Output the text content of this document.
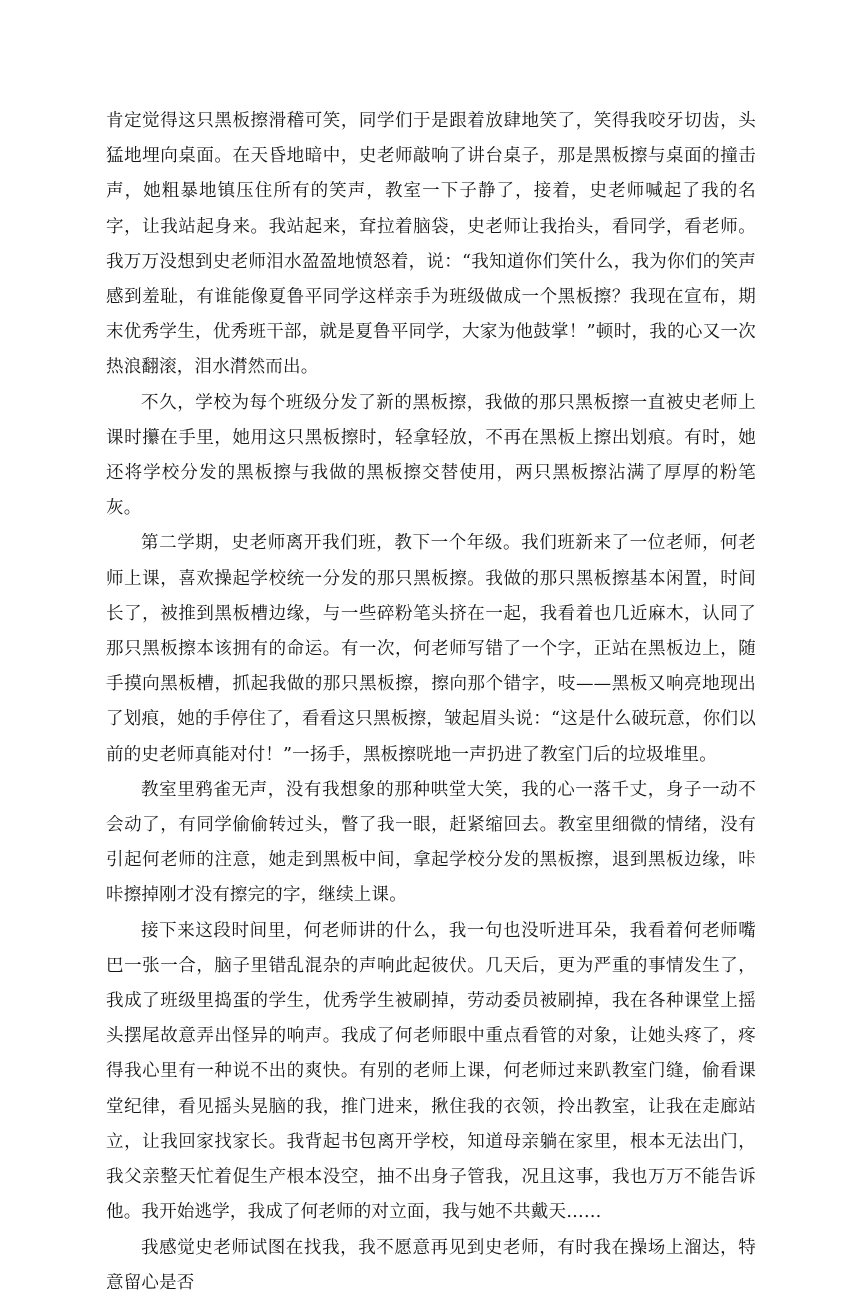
肯定觉得这只黑板擦滑稽可笑，同学们于是跟着放肆地笑了，笑得我咬牙切齿，头猛地埋向桌面。在天昏地暗中，史老师敲响了讲台桌子，那是黑板擦与桌面的撞击声，她粗暴地镇压住所有的笑声，教室一下子静了，接着，史老师喊起了我的名字，让我站起身来。我站起来，耷拉着脑袋，史老师让我抬头，看同学，看老师。我万万没想到史老师泪水盈盈地愤怒着，说：“我知道你们笑什么，我为你们的笑声感到羞耻，有谁能像夏鲁平同学这样亲手为班级做成一个黑板擦？我现在宣布，期末优秀学生，优秀班干部，就是夏鲁平同学，大家为他鼓掌！”顿时，我的心又一次热浪翻滚，泪水潸然而出。

不久，学校为每个班级分发了新的黑板擦，我做的那只黑板擦一直被史老师上课时攥在手里，她用这只黑板擦时，轻拿轻放，不再在黑板上擦出划痕。有时，她还将学校分发的黑板擦与我做的黑板擦交替使用，两只黑板擦沾满了厚厚的粉笔灰。

第二学期，史老师离开我们班，教下一个年级。我们班新来了一位老师，何老师上课，喜欢操起学校统一分发的那只黑板擦。我做的那只黑板擦基本闲置，时间长了，被推到黑板槽边缘，与一些碎粉笔头挤在一起，我看着也几近麻木，认同了那只黑板擦本该拥有的命运。有一次，何老师写错了一个字，正站在黑板边上，随手摸向黑板槽，抓起我做的那只黑板擦，擦向那个错字，吱——黑板又响亮地现出了划痕，她的手停住了，看看这只黑板擦，皱起眉头说：“这是什么破玩意，你们以前的史老师真能对付！”一扬手，黑板擦咣地一声扔进了教室门后的垃圾堆里。

教室里鸦雀无声，没有我想象的那种哄堂大笑，我的心一落千丈，身子一动不会动了，有同学偷偷转过头，瞥了我一眼，赶紧缩回去。教室里细微的情绪，没有引起何老师的注意，她走到黑板中间，拿起学校分发的黑板擦，退到黑板边缘，咔咔擦掉刚才没有擦完的字，继续上课。

接下来这段时间里，何老师讲的什么，我一句也没听进耳朵，我看着何老师嘴巴一张一合，脑子里错乱混杂的声响此起彼伏。几天后，更为严重的事情发生了，我成了班级里捣蛋的学生，优秀学生被刷掉，劳动委员被刷掉，我在各种课堂上摇头摆尾故意弄出怪异的响声。我成了何老师眼中重点看管的对象，让她头疼了，疼得我心里有一种说不出的爽快。有别的老师上课，何老师过来趴教室门缝，偷看课堂纪律，看见摇头晃脑的我，推门进来，揪住我的衣领，拎出教室，让我在走廊站立，让我回家找家长。我背起书包离开学校，知道母亲躺在家里，根本无法出门，我父亲整天忙着促生产根本没空，抽不出身子管我，况且这事，我也万万不能告诉他。我开始逃学，我成了何老师的对立面，我与她不共戴天……

我感觉史老师试图在找我，我不愿意再见到史老师，有时我在操场上溜达，特意留心是否
